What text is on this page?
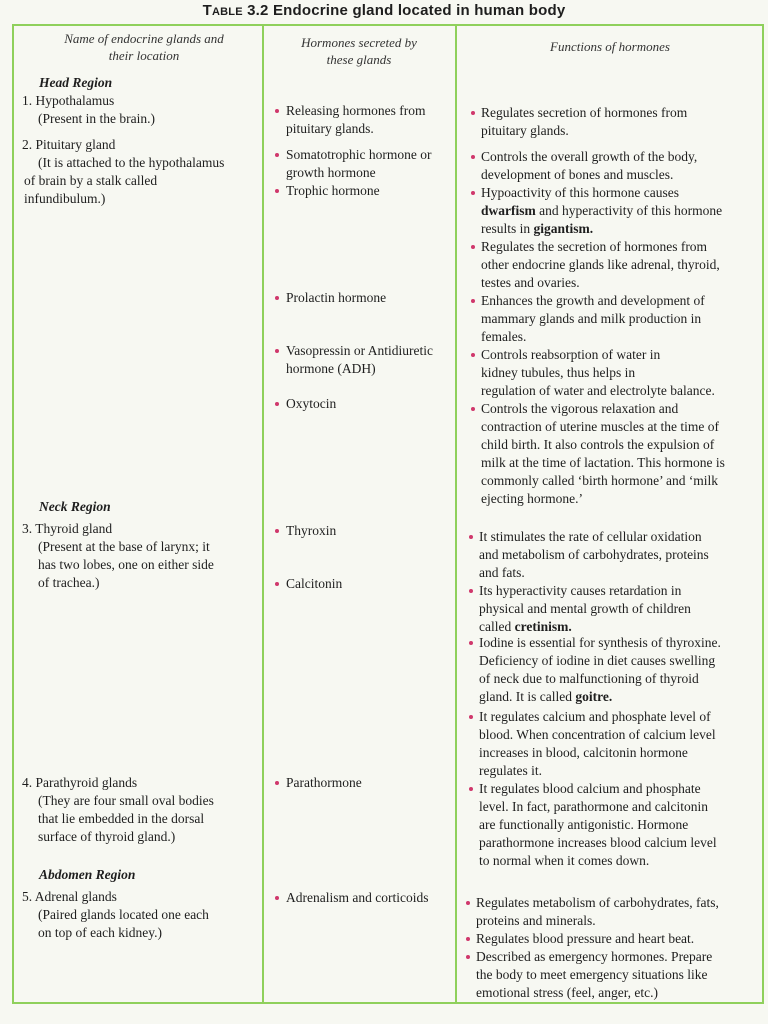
Table 3.2 Endocrine gland located in human body
Name of endocrine glands and
their location
Hormones secreted by
these glands
Functions of hormones
Head Region
1. Hypothalamus
(Present in the brain.)
2. Pituitary gland
(It is attached to the hypothalamus
of brain by a stalk called
infundibulum.)
Neck Region
3. Thyroid gland
(Present at the base of larynx; it
has two lobes, one on either side
of trachea.)
4. Parathyroid glands
(They are four small oval bodies
that lie embedded in the dorsal
surface of thyroid gland.)
Abdomen Region
5. Adrenal glands
(Paired glands located one each
on top of each kidney.)
Releasing hormones from
pituitary glands.
Somatotrophic hormone or
growth hormone
Trophic hormone
Prolactin hormone
Vasopressin or Antidiuretic
hormone (ADH)
Oxytocin
Thyroxin
Calcitonin
Parathormone
Adrenalism and corticoids
Regulates secretion of hormones from
pituitary glands.
Controls the overall growth of the body,
development of bones and muscles.
Hypoactivity of this hormone causes
dwarfism and hyperactivity of this hormone
results in gigantism.
Regulates the secretion of hormones from
other endocrine glands like adrenal, thyroid,
testes and ovaries.
Enhances the growth and development of
mammary glands and milk production in
females.
Controls reabsorption of water in
kidney tubules, thus helps in
regulation of water and electrolyte balance.
Controls the vigorous relaxation and
contraction of uterine muscles at the time of
child birth. It also controls the expulsion of
milk at the time of lactation. This hormone is
commonly called ‘birth hormone’ and ‘milk
ejecting hormone.’
It stimulates the rate of cellular oxidation
and metabolism of carbohydrates, proteins
and fats.
Its hyperactivity causes retardation in
physical and mental growth of children
called cretinism.
Iodine is essential for synthesis of thyroxine.
Deficiency of iodine in diet causes swelling
of neck due to malfunctioning of thyroid
gland. It is called goitre.
It regulates calcium and phosphate level of
blood. When concentration of calcium level
increases in blood, calcitonin hormone
regulates it.
It regulates blood calcium and phosphate
level. In fact, parathormone and calcitonin
are functionally antigonistic. Hormone
parathormone increases blood calcium level
to normal when it comes down.
Regulates metabolism of carbohydrates, fats,
proteins and minerals.
Regulates blood pressure and heart beat.
Described as emergency hormones. Prepare
the body to meet emergency situations like
emotional stress (feel, anger, etc.)
